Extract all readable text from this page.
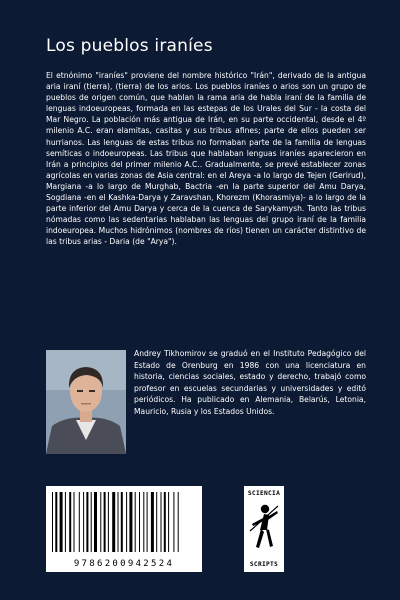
Los pueblos iraníes

El etnónimo "iraníes" proviene del nombre histórico "Irán", derivado de la antigua aria iraní (tierra), (tierra) de los arios. Los pueblos iraníes o arios son un grupo de pueblos de origen común, que hablan la rama aria de habla iraní de la familia de lenguas indoeuropeas, formada en las estepas de los Urales del Sur - la costa del Mar Negro. La población más antigua de Irán, en su parte occidental, desde el 4º milenio A.C. eran elamitas, casitas y sus tribus afines; parte de ellos pueden ser hurrianos. Las lenguas de estas tribus no formaban parte de la familia de lenguas semíticas o indoeuropeas. Las tribus que hablaban lenguas iraníes aparecieron en Irán a principios del primer milenio A.C.. Gradualmente, se prevé establecer zonas agrícolas en varias zonas de Asia central: en el Areya -a lo largo de Tejen (Gerirud), Margiana -a lo largo de Murghab, Bactria -en la parte superior del Amu Darya, Sogdiana -en el Kashka-Darya y Zaravshan, Khorezm (Khorasmiya)- a lo largo de la parte inferior del Amu Darya y cerca de la cuenca de Sarykamysh. Tanto las tribus nómadas como las sedentarias hablaban las lenguas del grupo iraní de la familia indoeuropea. Muchos hidrónimos (nombres de ríos) tienen un carácter distintivo de las tribus arias - Daria (de "Arya").

Andrey Tikhomirov se graduó en el Instituto Pedagógico del Estado de Orenburg en 1986 con una licenciatura en historia, ciencias sociales, estado y derecho, trabajó como profesor en escuelas secundarias y universidades y editó periódicos. Ha publicado en Alemania, Belarús, Letonia, Mauricio, Rusia y los Estados Unidos.

9786200942524
SCIENCIA
SCRIPTS
